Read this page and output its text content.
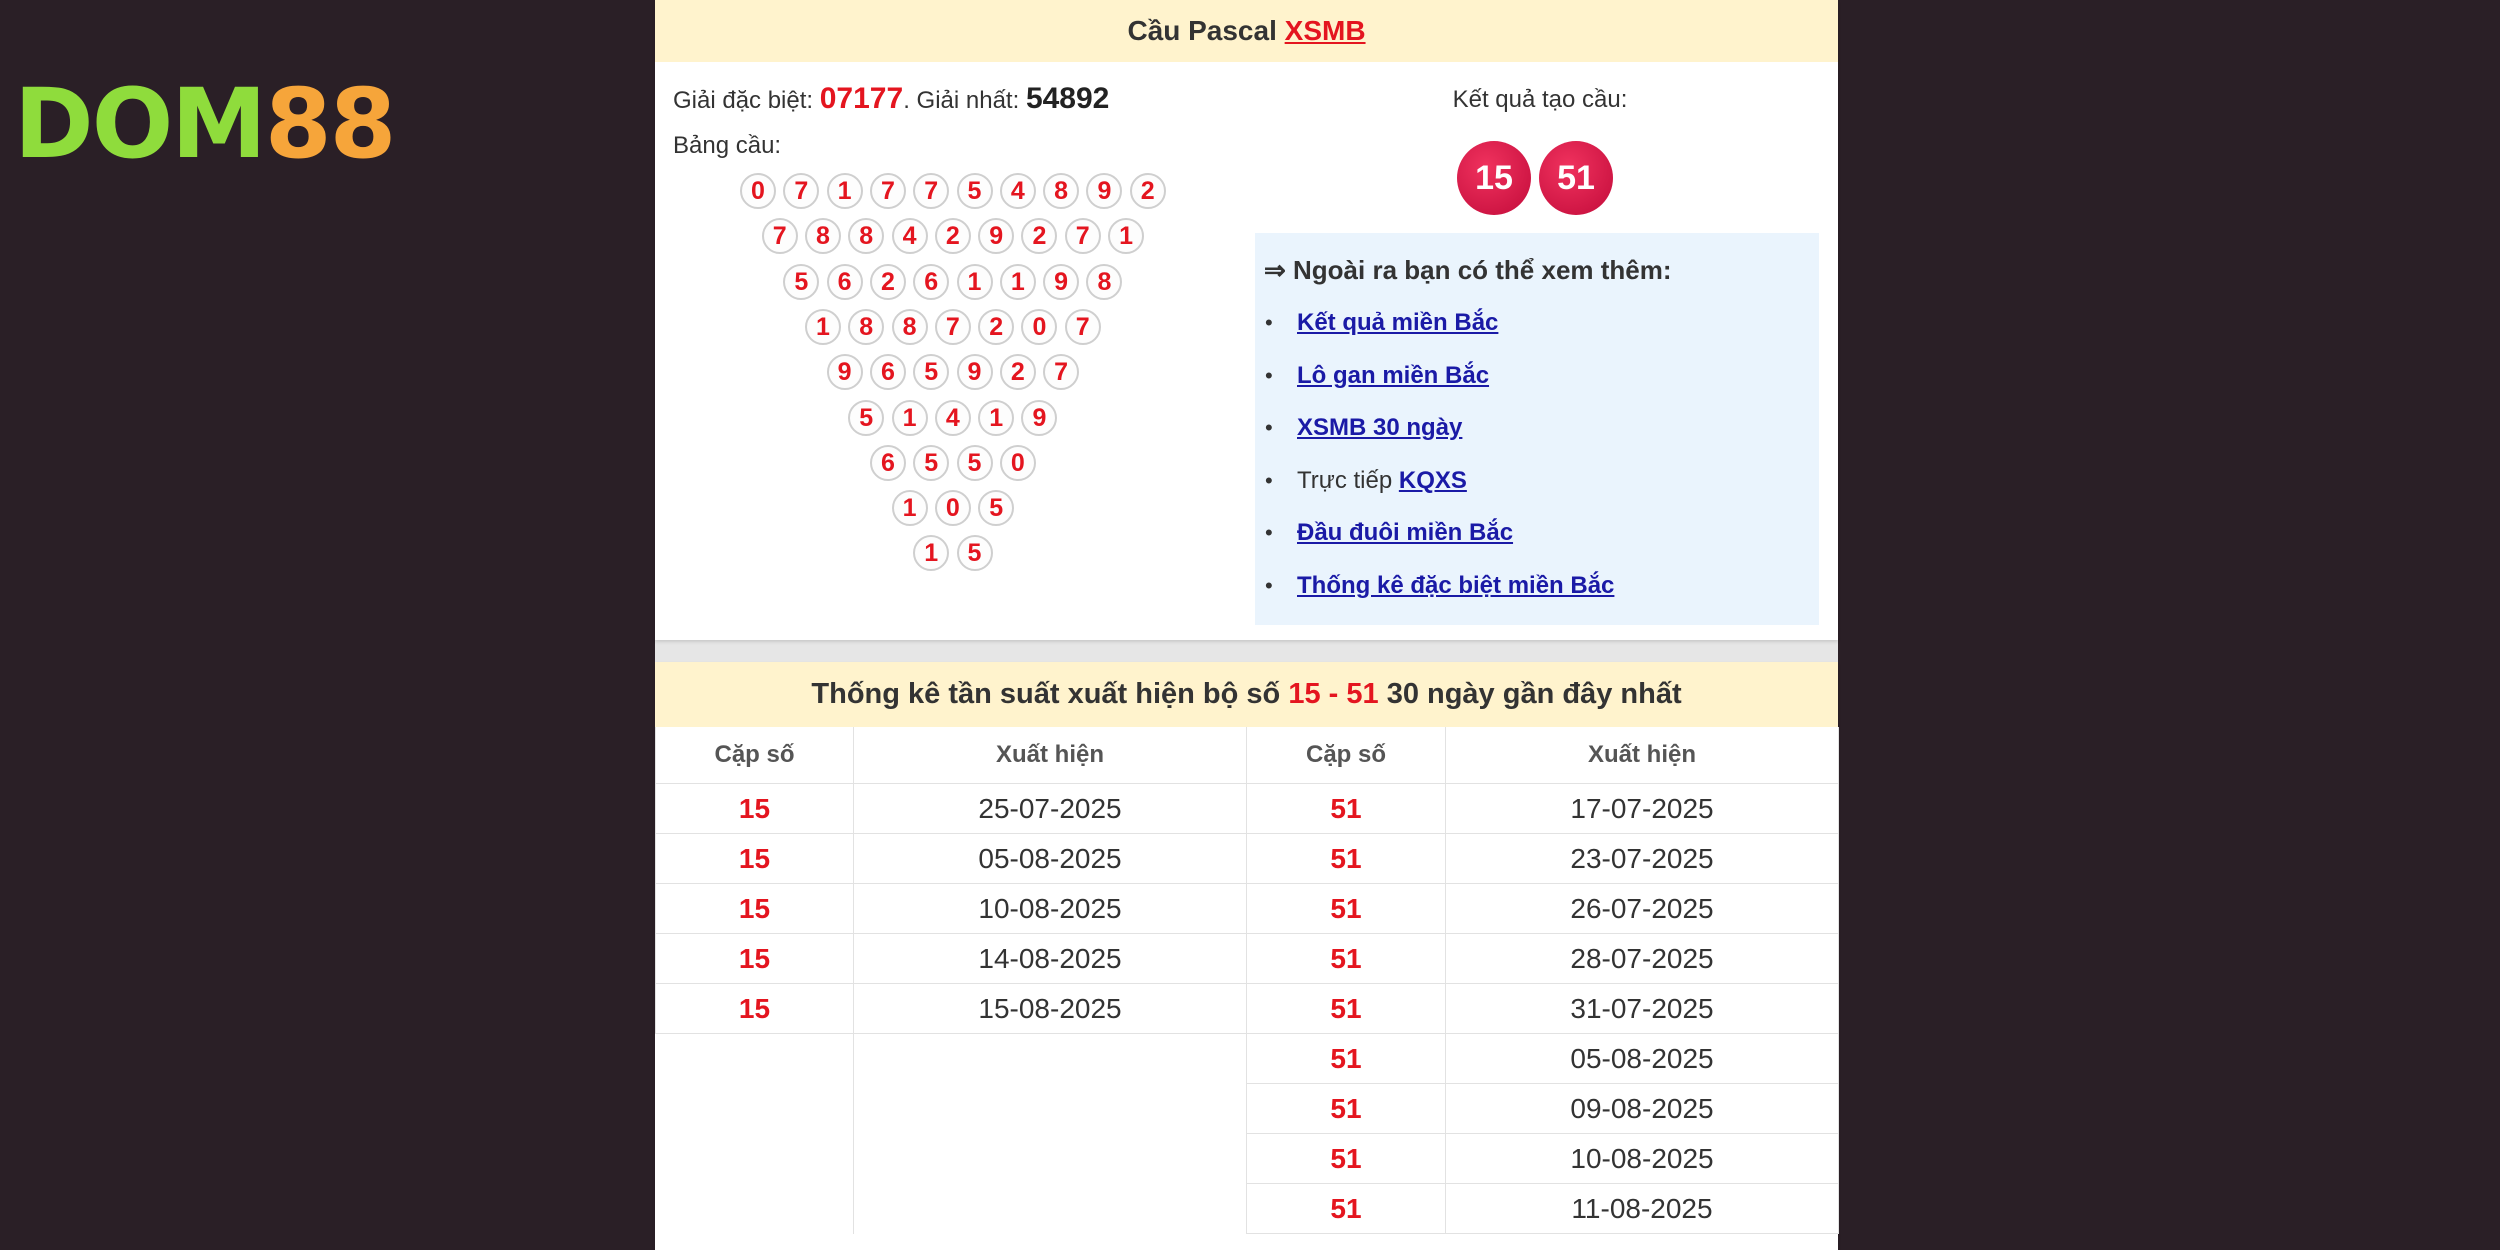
DOM88
Cầu Pascal XSMB
Giải đặc biệt: 07177. Giải nhất: 54892
Bảng cầu:
0	7	1	7	7	5	4	8	9	2
7	8	8	4	2	9	2	7	1
5	6	2	6	1	1	9	8
1	8	8	7	2	0	7
9	6	5	9	2	7
5	1	4	1	9
6	5	5	0
1	0	5
1	5
Kết quả tạo cầu:
15	51
⇒ Ngoài ra bạn có thể xem thêm:
• Kết quả miền Bắc
• Lô gan miền Bắc
• XSMB 30 ngày
• Trực tiếp KQXS
• Đầu đuôi miền Bắc
• Thống kê đặc biệt miền Bắc
Thống kê tần suất xuất hiện bộ số 15 - 51 30 ngày gần đây nhất
Cặp số	Xuất hiện	Cặp số	Xuất hiện
15	25-07-2025	51	17-07-2025
15	05-08-2025	51	23-07-2025
15	10-08-2025	51	26-07-2025
15	14-08-2025	51	28-07-2025
15	15-08-2025	51	31-07-2025
		51	05-08-2025
		51	09-08-2025
		51	10-08-2025
		51	11-08-2025
